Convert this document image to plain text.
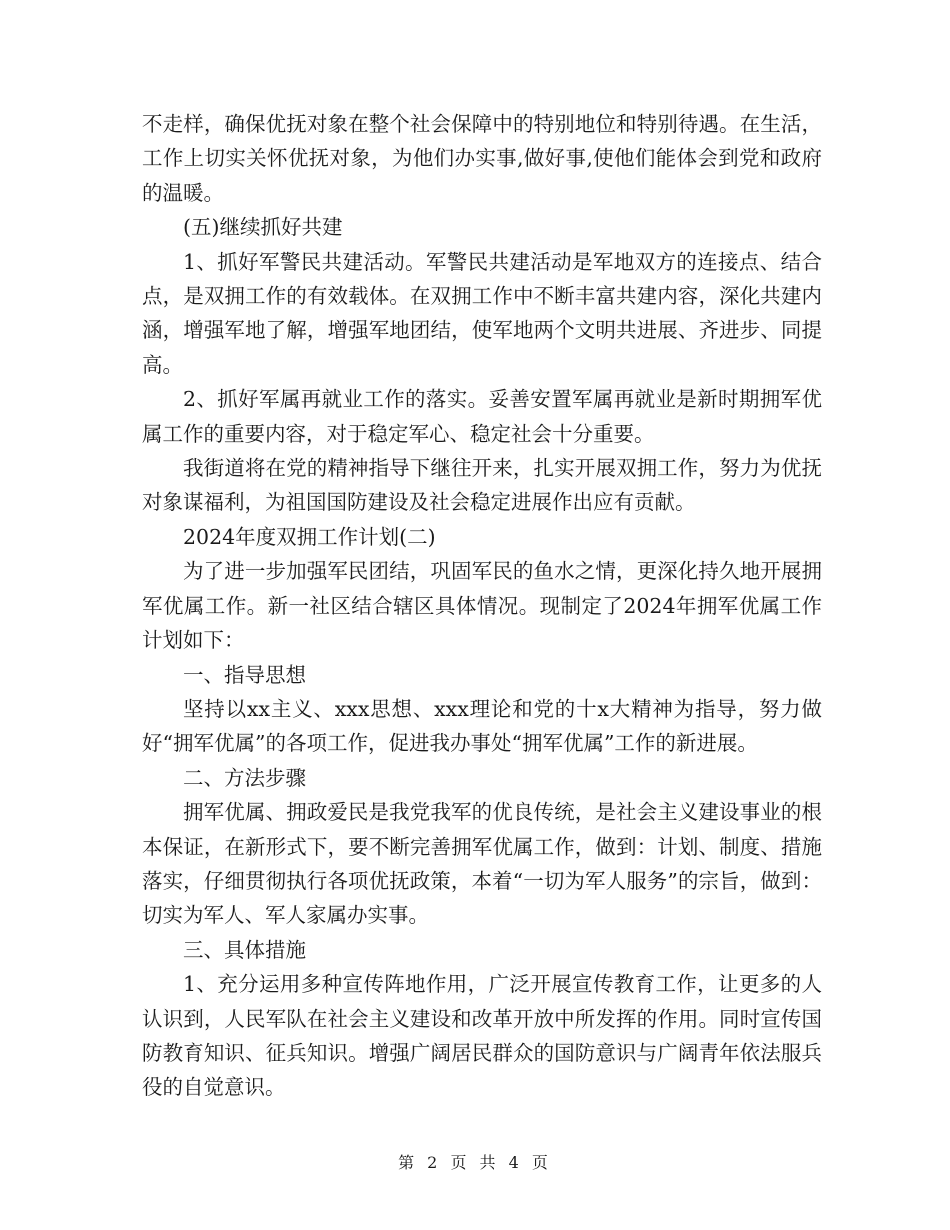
不走样，确保优抚对象在整个社会保障中的特别地位和特别待遇。在生活，工作上切实关怀优抚对象，为他们办实事,做好事,使他们能体会到党和政府的温暖。

(五)继续抓好共建

1、抓好军警民共建活动。军警民共建活动是军地双方的连接点、结合点，是双拥工作的有效载体。在双拥工作中不断丰富共建内容，深化共建内涵，增强军地了解，增强军地团结，使军地两个文明共进展、齐进步、同提高。

2、抓好军属再就业工作的落实。妥善安置军属再就业是新时期拥军优属工作的重要内容，对于稳定军心、稳定社会十分重要。

我街道将在党的精神指导下继往开来，扎实开展双拥工作，努力为优抚对象谋福利，为祖国国防建设及社会稳定进展作出应有贡献。

2024年度双拥工作计划(二)

为了进一步加强军民团结，巩固军民的鱼水之情，更深化持久地开展拥军优属工作。新一社区结合辖区具体情况。现制定了2024年拥军优属工作计划如下：

一、指导思想

坚持以xx主义、xxx思想、xxx理论和党的十x大精神为指导，努力做好“拥军优属”的各项工作，促进我办事处“拥军优属”工作的新进展。

二、方法步骤

拥军优属、拥政爱民是我党我军的优良传统，是社会主义建设事业的根本保证，在新形式下，要不断完善拥军优属工作，做到：计划、制度、措施落实，仔细贯彻执行各项优抚政策，本着“一切为军人服务”的宗旨，做到：切实为军人、军人家属办实事。

三、具体措施

1、充分运用多种宣传阵地作用，广泛开展宣传教育工作，让更多的人认识到，人民军队在社会主义建设和改革开放中所发挥的作用。同时宣传国防教育知识、征兵知识。增强广阔居民群众的国防意识与广阔青年依法服兵役的自觉意识。

第 2 页 共 4 页
